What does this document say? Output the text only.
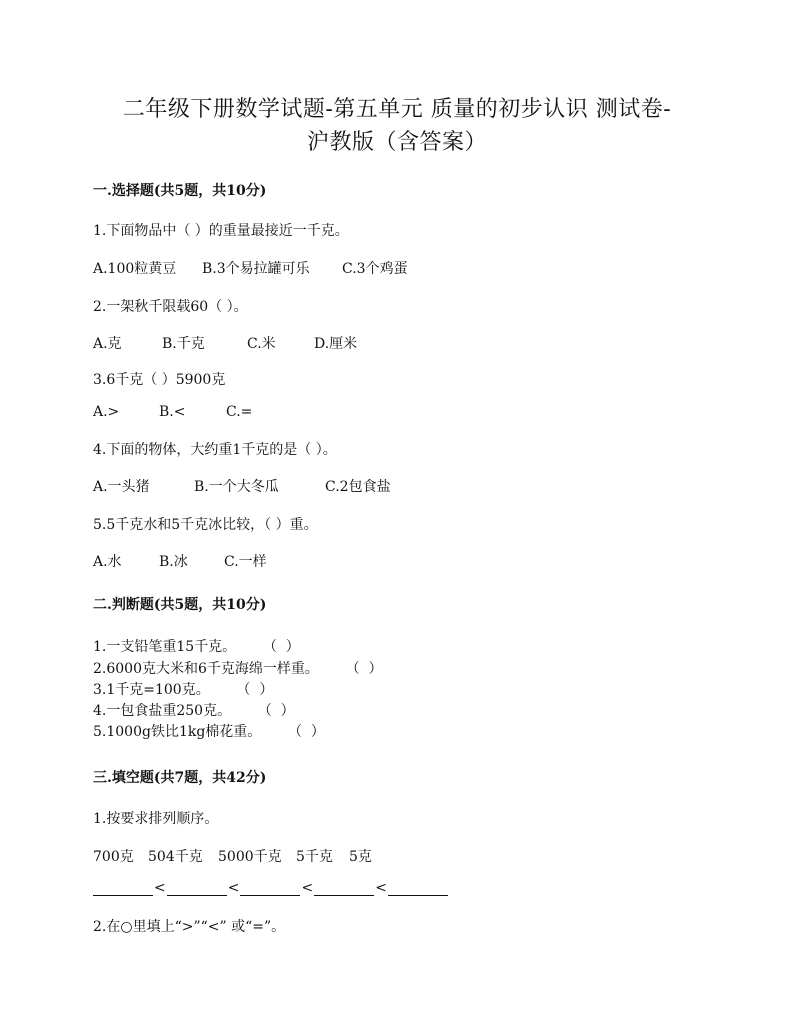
二年级下册数学试题-第五单元 质量的初步认识 测试卷-
沪教版（含答案）
一.选择题(共5题，共10分)
1.下面物品中（ ）的重量最接近一千克。
A.100粒黄豆 B.3个易拉罐可乐 C.3个鸡蛋
2.一架秋千限载60（ ）。
A.克	B.千克	C.米	D.厘米
3.6千克（ ）5900克
A.>	B.<	C.=
4.下面的物体，大约重1千克的是（ ）。
A.一头猪	B.一个大冬瓜	C.2包食盐
5.5千克水和5千克冰比较，（ ）重。
A.水	B.冰	C.一样
二.判断题(共5题，共10分)
1.一支铅笔重15千克。      （  ）
2.6000克大米和6千克海绵一样重。      （  ）
3.1千克=100克。      （  ）
4.一包食盐重250克。      （  ）
5.1000g铁比1kg棉花重。      （  ）
三.填空题(共7题，共42分)
1.按要求排列顺序。
700克 504千克 5000千克 5千克 5克
<	<	<	<
2.在○里填上“>”“<” 或“=”。
